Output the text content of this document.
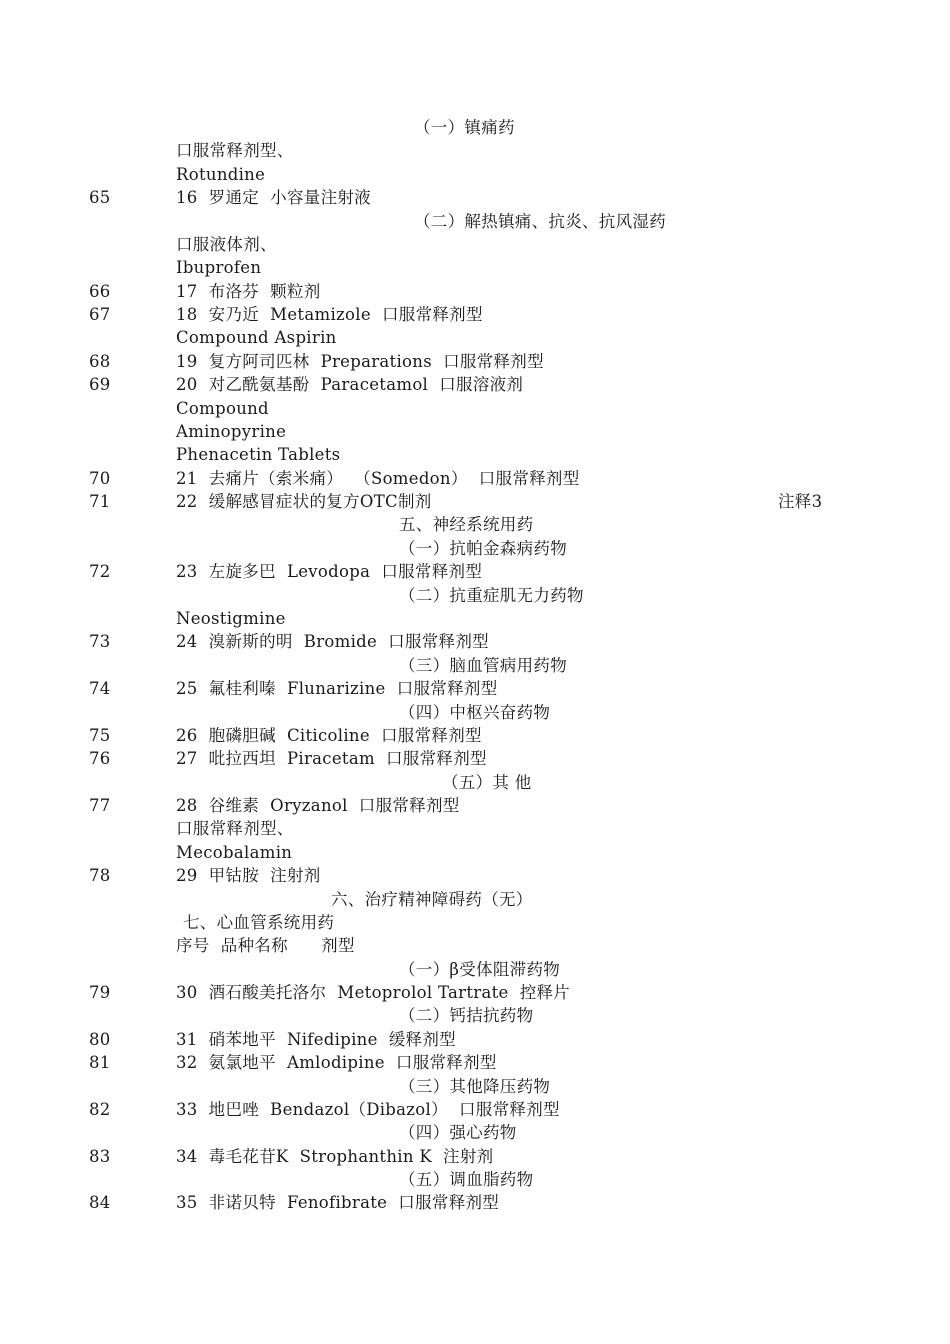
（一）镇痛药
口服常释剂型、
Rotundine
65	16  罗通定  小容量注射液
（二）解热镇痛、抗炎、抗风湿药
口服液体剂、
Ibuprofen
66	17  布洛芬  颗粒剂
67	18  安乃近  Metamizole  口服常释剂型
Compound Aspirin
68	19  复方阿司匹林  Preparations  口服常释剂型
69	20  对乙酰氨基酚  Paracetamol  口服溶液剂
Compound
Aminopyrine
Phenacetin Tablets
70	21  去痛片（索米痛）  （Somedon）  口服常释剂型
71	22  缓解感冒症状的复方OTC制剂	注释3
五、神经系统用药
（一）抗帕金森病药物
72	23  左旋多巴  Levodopa  口服常释剂型
（二）抗重症肌无力药物
Neostigmine
73	24  溴新斯的明  Bromide  口服常释剂型
（三）脑血管病用药物
74	25  氟桂利嗪  Flunarizine  口服常释剂型
（四）中枢兴奋药物
75	26  胞磷胆碱  Citicoline  口服常释剂型
76	27  吡拉西坦  Piracetam  口服常释剂型
（五）其 他
77	28  谷维素  Oryzanol  口服常释剂型
口服常释剂型、
Mecobalamin
78	29  甲钴胺  注射剂
六、治疗精神障碍药（无）
七、心血管系统用药
序号  品种名称      剂型
（一）β受体阻滞药物
79	30  酒石酸美托洛尔  Metoprolol Tartrate  控释片
（二）钙拮抗药物
80	31  硝苯地平  Nifedipine  缓释剂型
81	32  氨氯地平  Amlodipine  口服常释剂型
（三）其他降压药物
82	33  地巴唑  Bendazol（Dibazol）  口服常释剂型
（四）强心药物
83	34  毒毛花苷K  Strophanthin K  注射剂
（五）调血脂药物
84	35  非诺贝特  Fenofibrate  口服常释剂型
